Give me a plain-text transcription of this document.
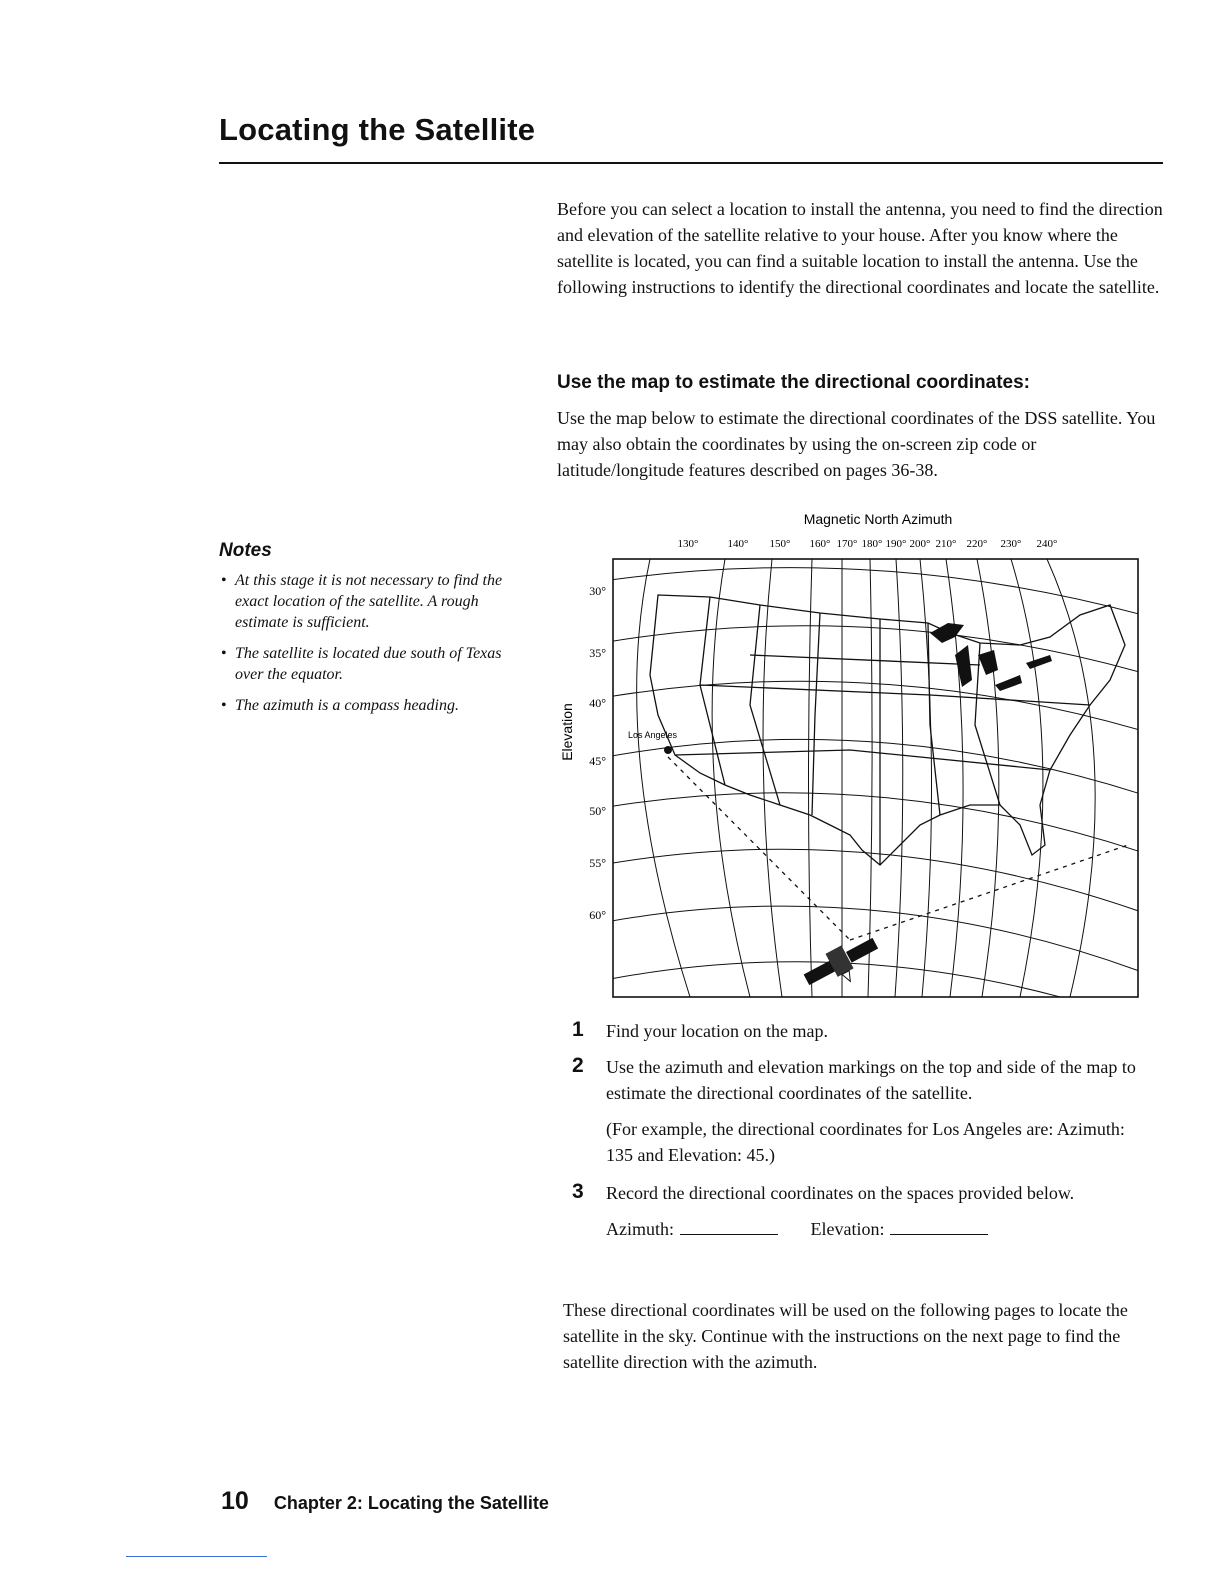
Locating the Satellite

Before you can select a location to install the antenna, you need to find the direction and elevation of the satellite relative to your house. After you know where the satellite is located, you can find a suitable location to install the antenna. Use the following instructions to identify the directional coordinates and locate the satellite.

Use the map to estimate the directional coordinates:

Use the map below to estimate the directional coordinates of the DSS satellite. You may also obtain the coordinates by using the on-screen zip code or latitude/longitude features described on pages 36-38.

Notes
• At this stage it is not necessary to find the exact location of the satellite. A rough estimate is sufficient.
• The satellite is located due south of Texas over the equator.
• The azimuth is a compass heading.
Magnetic North Azimuth
130°	140° 150° 160° 170° 180° 190° 200° 210° 220° 230° 240°
30°
35°
40°
45°
50°
55°
60°
Elevation	Los Angeles
1 Find your location on the map.
2 Use the azimuth and elevation markings on the top and side of the map to estimate the directional coordinates of the satellite.

(For example, the directional coordinates for Los Angeles are: Azimuth: 135 and Elevation: 45.)

3 Record the directional coordinates on the spaces provided below.
Azimuth:	Elevation:

These directional coordinates will be used on the following pages to locate the satellite in the sky. Continue with the instructions on the next page to find the satellite direction with the azimuth.

10 Chapter 2: Locating the Satellite
